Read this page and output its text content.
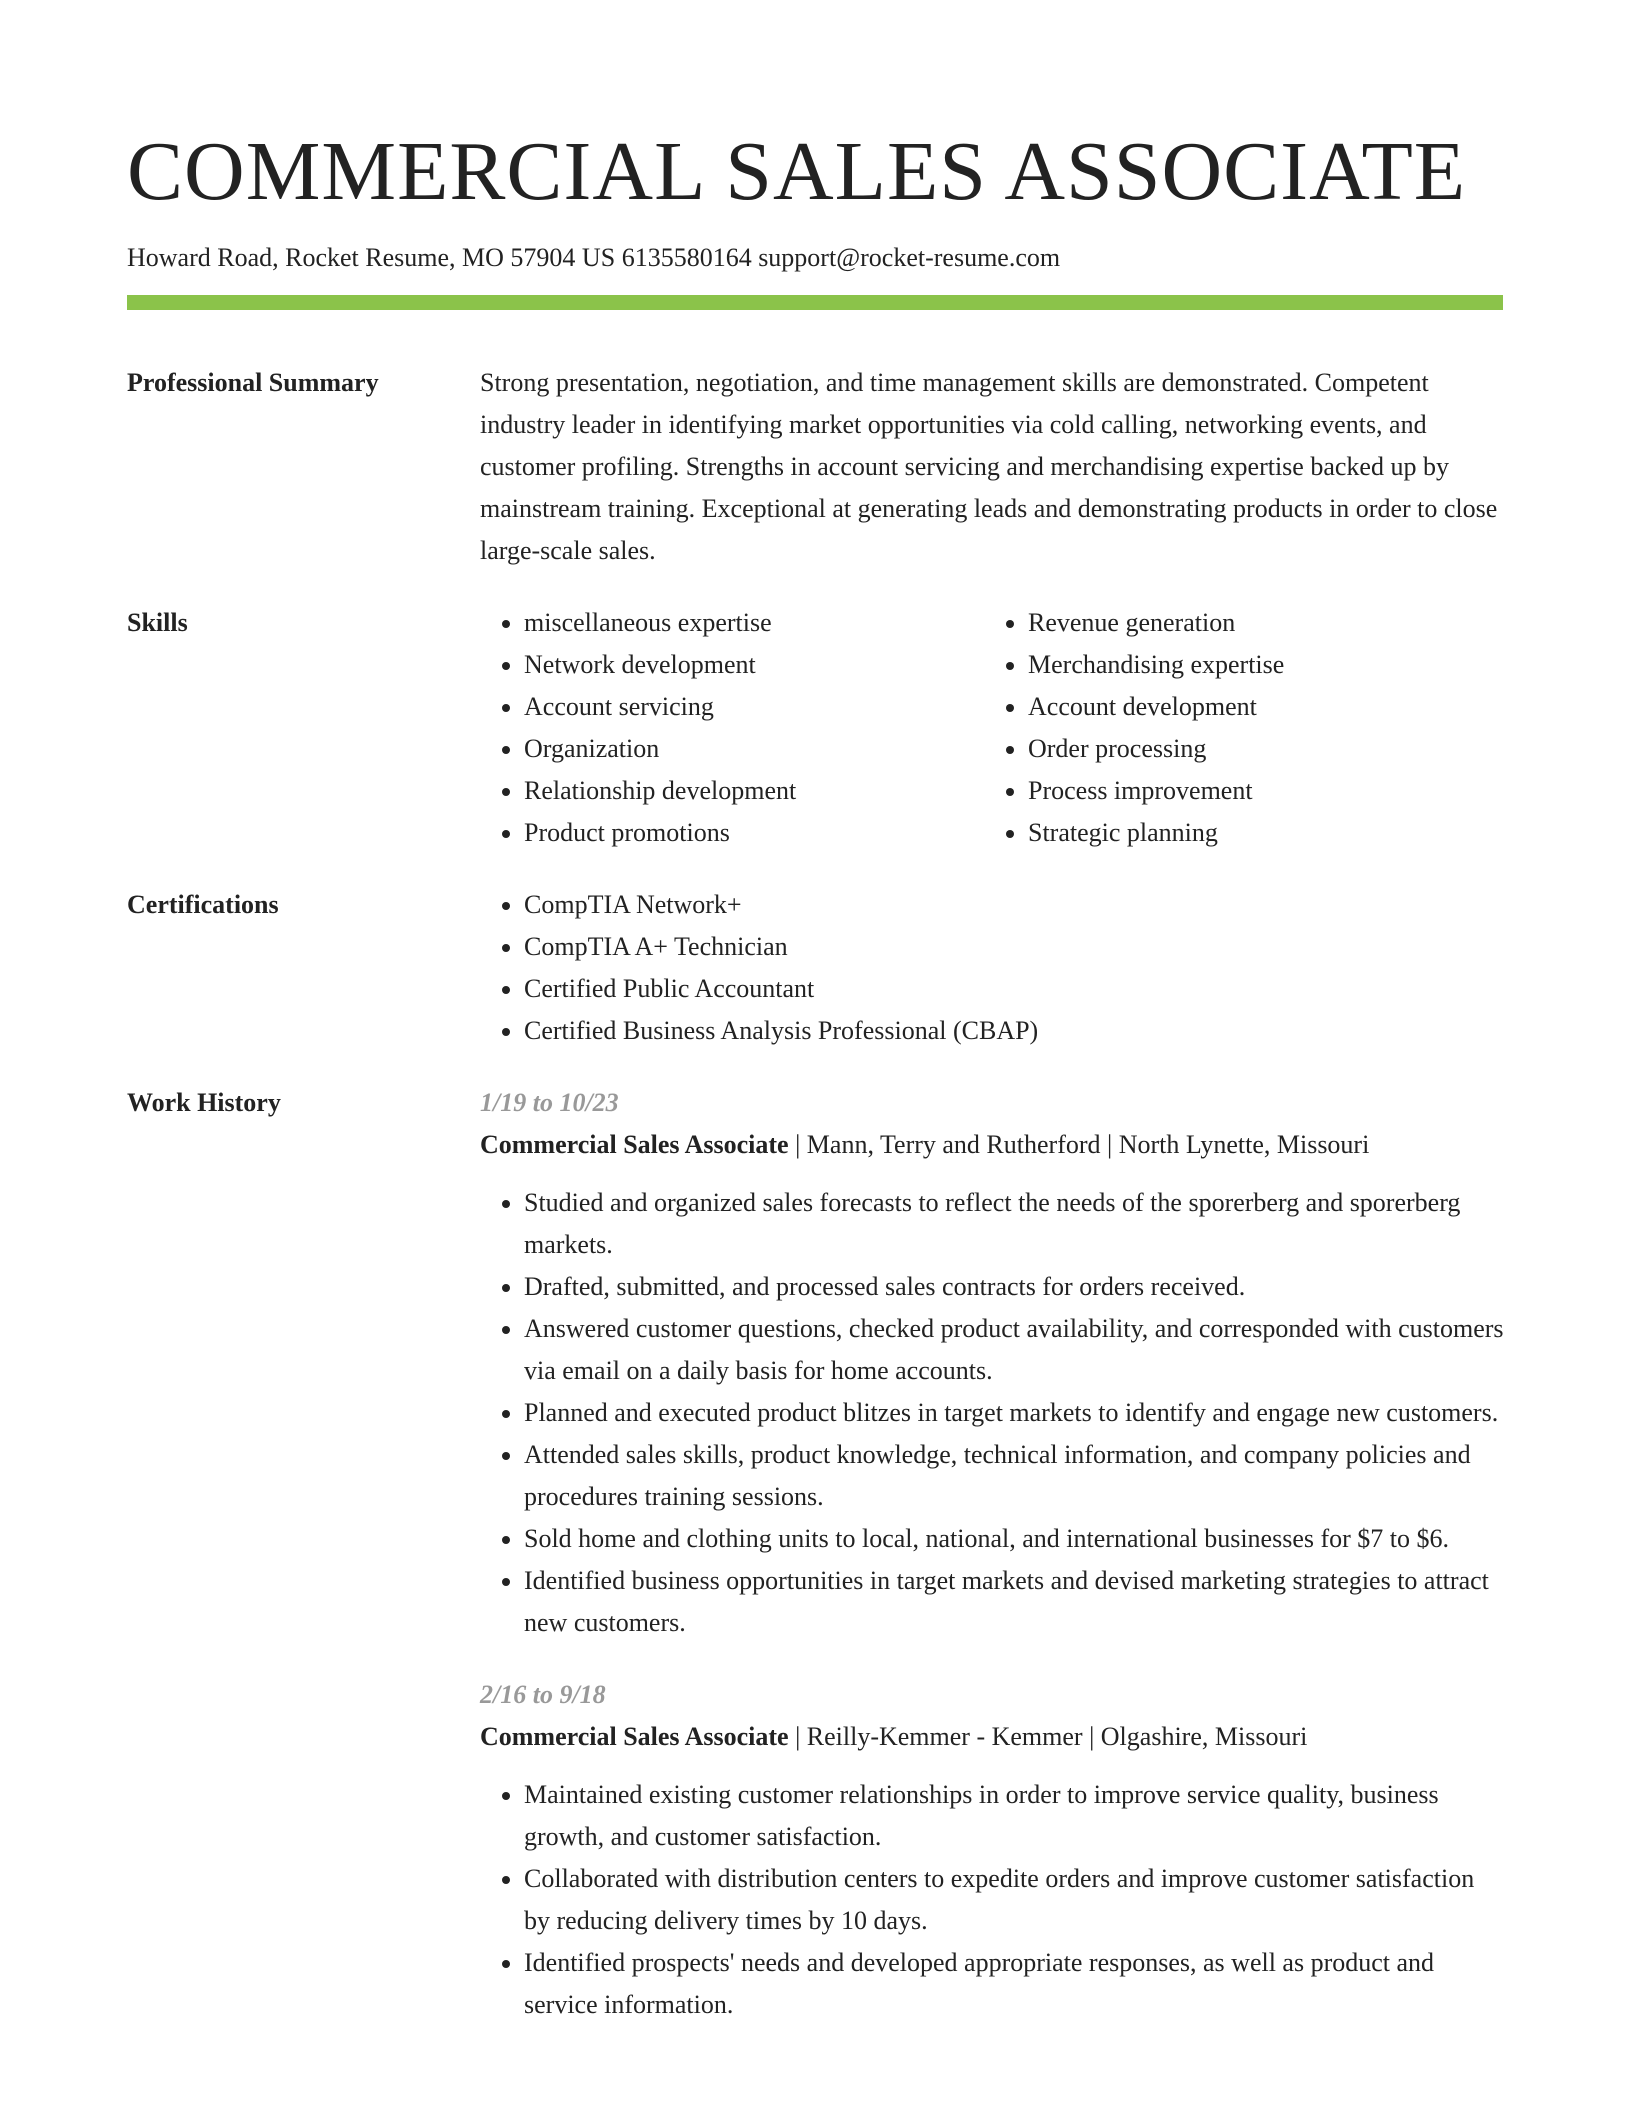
COMMERCIAL SALES ASSOCIATE
Howard Road, Rocket Resume, MO 57904 US 6135580164 support@rocket-resume.com
Professional Summary	Strong presentation, negotiation, and time management skills are demonstrated. Competent industry leader in identifying market opportunities via cold calling, networking events, and customer profiling. Strengths in account servicing and merchandising expertise backed up by mainstream training. Exceptional at generating leads and demonstrating products in order to close large-scale sales.
Skills	• miscellaneous expertise
• Network development
• Account servicing
• Organization
• Relationship development
• Product promotions
• Revenue generation
• Merchandising expertise
• Account development
• Order processing
• Process improvement
• Strategic planning
Certifications	• CompTIA Network+
• CompTIA A+ Technician
• Certified Public Accountant
• Certified Business Analysis Professional (CBAP)
Work History	1/19 to 10/23
Commercial Sales Associate | Mann, Terry and Rutherford | North Lynette, Missouri
• Studied and organized sales forecasts to reflect the needs of the sporerberg and sporerberg markets.
• Drafted, submitted, and processed sales contracts for orders received.
• Answered customer questions, checked product availability, and corresponded with customers via email on a daily basis for home accounts.
• Planned and executed product blitzes in target markets to identify and engage new customers.
• Attended sales skills, product knowledge, technical information, and company policies and procedures training sessions.
• Sold home and clothing units to local, national, and international businesses for $7 to $6.
• Identified business opportunities in target markets and devised marketing strategies to attract new customers.
2/16 to 9/18
Commercial Sales Associate | Reilly-Kemmer - Kemmer | Olgashire, Missouri
• Maintained existing customer relationships in order to improve service quality, business growth, and customer satisfaction.
• Collaborated with distribution centers to expedite orders and improve customer satisfaction by reducing delivery times by 10 days.
• Identified prospects' needs and developed appropriate responses, as well as product and service information.
